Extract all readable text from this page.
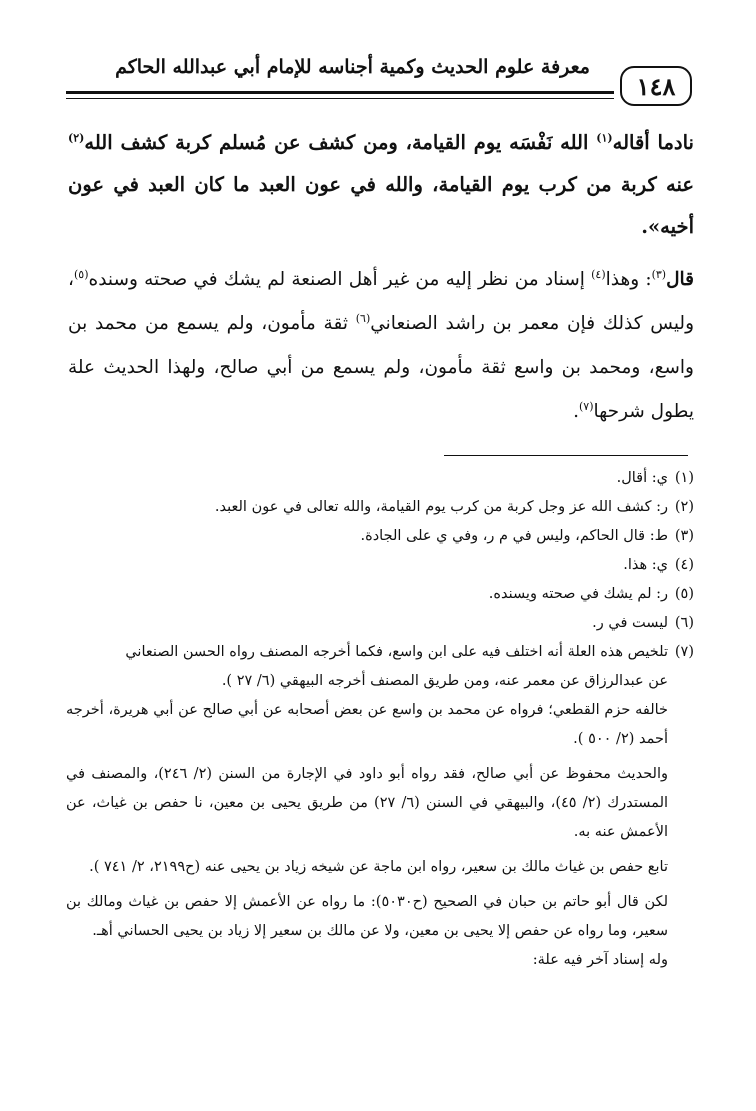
معرفة علوم الحديث وكمية أجناسه للإمام أبي عبدالله الحاكم
١٤٨

نادما أقاله$^{(١)}$ الله نَفْسَه يوم القيامة، ومن كشف عن مُسلم كربة كشف الله$^{(٢)}$ عنه كربة من كرب يوم القيامة، والله في عون العبد ما كان العبد في عون أخيه».

قال$^{(٣)}$: وهذا$^{(٤)}$ إسناد من نظر إليه من غير أهل الصنعة لم يشك في صحته وسنده$^{(٥)}$، وليس كذلك فإن معمر بن راشد الصنعاني$^{(٦)}$ ثقة مأمون، ولم يسمع من محمد بن واسع، ومحمد بن واسع ثقة مأمون، ولم يسمع من أبي صالح، ولهذا الحديث علة يطول شرحها$^{(٧)}$.

(١)ي: أقال.

(٢)ر: كشف الله عز وجل كربة من كرب يوم القيامة، والله تعالى في عون العبد.

(٣)ط: قال الحاكم، وليس في م ر، وفي ي على الجادة.

(٤)ي: هذا.

(٥)ر: لم يشك في صحته ويسنده.

(٦)ليست في ر.

(٧)تلخيص هذه العلة أنه اختلف فيه على ابن واسع، فكما أخرجه المصنف رواه الحسن الصنعاني

عن عبدالرزاق عن معمر عنه، ومن طريق المصنف أخرجه البيهقي (٦/ ٢٧ ).

خالفه حزم القطعي؛ فرواه عن محمد بن واسع عن بعض أصحابه عن أبي صالح عن أبي هريرة، أخرجه أحمد (٢/ ٥٠٠ ).

والحديث محفوظ عن أبي صالح، فقد رواه أبو داود في الإجارة من السنن (٢/ ٢٤٦)، والمصنف في المستدرك (٢/ ٤٥)، والبيهقي في السنن (٦/ ٢٧) من طريق يحيى بن معين، نا حفص بن غياث، عن الأعمش عنه به.

تابع حفص بن غياث مالك بن سعير، رواه ابن ماجة عن شيخه زياد بن يحيى عنه (ح٢١٩٩، ٢/ ٧٤١ ).

لكن قال أبو حاتم بن حبان في الصحيح (ح٥٠٣٠): ما رواه عن الأعمش إلا حفص بن غياث ومالك بن سعير، وما رواه عن حفص إلا يحيى بن معين، ولا عن مالك بن سعير إلا زياد بن يحيى الحساني أهـ.

وله إسناد آخر فيه علة:
